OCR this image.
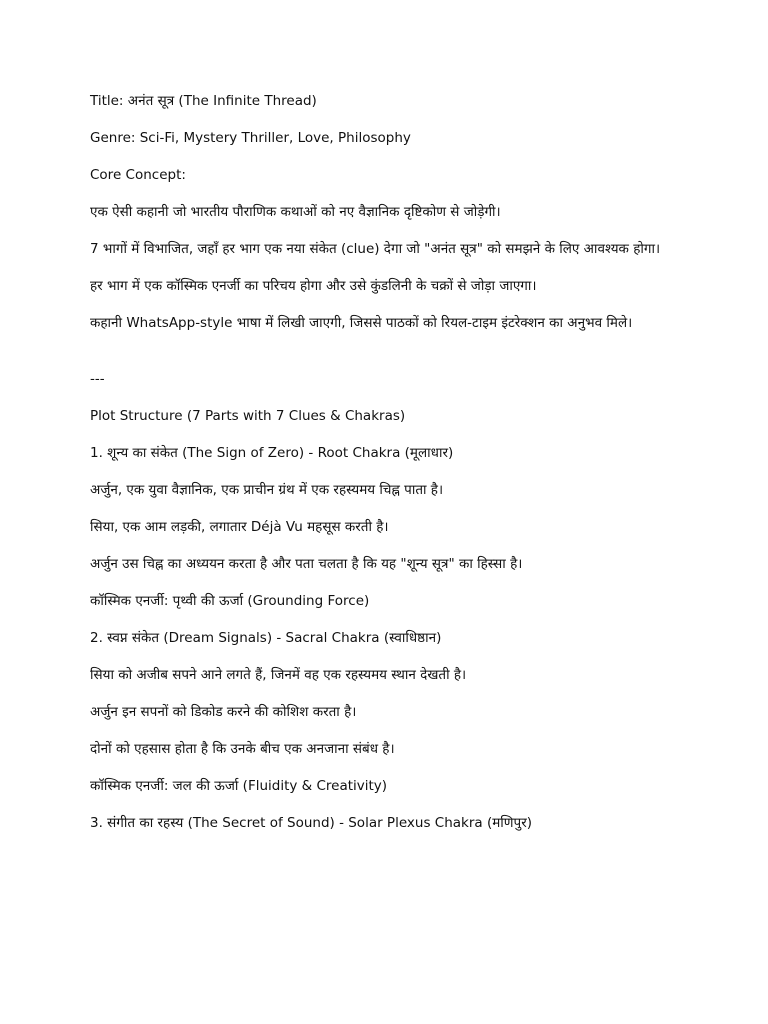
Title: अनंत सूत्र (The Infinite Thread)

Genre: Sci-Fi, Mystery Thriller, Love, Philosophy

Core Concept:

एक ऐसी कहानी जो भारतीय पौराणिक कथाओं को नए वैज्ञानिक दृष्टिकोण से जोड़ेगी।

7 भागों में विभाजित, जहाँ हर भाग एक नया संकेत (clue) देगा जो "अनंत सूत्र" को समझने के लिए आवश्यक होगा।

हर भाग में एक कॉस्मिक एनर्जी का परिचय होगा और उसे कुंडलिनी के चक्रों से जोड़ा जाएगा।

कहानी WhatsApp-style भाषा में लिखी जाएगी, जिससे पाठकों को रियल-टाइम इंटरेक्शन का अनुभव मिले।

---

Plot Structure (7 Parts with 7 Clues & Chakras)

1. शून्य का संकेत (The Sign of Zero) - Root Chakra (मूलाधार)

अर्जुन, एक युवा वैज्ञानिक, एक प्राचीन ग्रंथ में एक रहस्यमय चिह्न पाता है।

सिया, एक आम लड़की, लगातार Déjà Vu महसूस करती है।

अर्जुन उस चिह्न का अध्ययन करता है और पता चलता है कि यह "शून्य सूत्र" का हिस्सा है।

कॉस्मिक एनर्जी: पृथ्वी की ऊर्जा (Grounding Force)

2. स्वप्न संकेत (Dream Signals) - Sacral Chakra (स्वाधिष्ठान)

सिया को अजीब सपने आने लगते हैं, जिनमें वह एक रहस्यमय स्थान देखती है।

अर्जुन इन सपनों को डिकोड करने की कोशिश करता है।

दोनों को एहसास होता है कि उनके बीच एक अनजाना संबंध है।

कॉस्मिक एनर्जी: जल की ऊर्जा (Fluidity & Creativity)

3. संगीत का रहस्य (The Secret of Sound) - Solar Plexus Chakra (मणिपुर)
